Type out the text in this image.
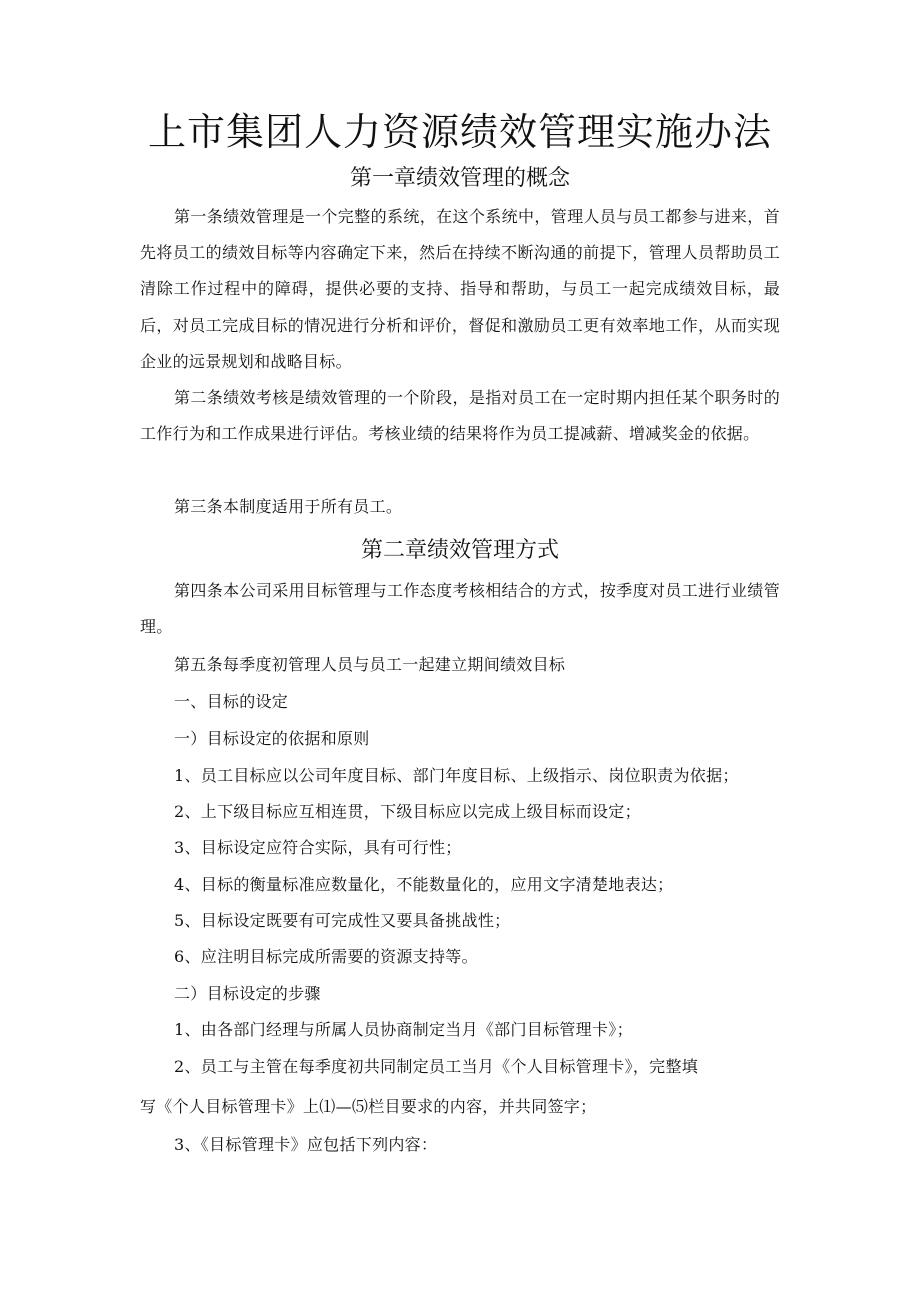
上市集团人力资源绩效管理实施办法
第一章绩效管理的概念

第一条绩效管理是一个完整的系统，在这个系统中，管理人员与员工都参与进来，首先将员工的绩效目标等内容确定下来，然后在持续不断沟通的前提下，管理人员帮助员工清除工作过程中的障碍，提供必要的支持、指导和帮助，与员工一起完成绩效目标，最后，对员工完成目标的情况进行分析和评价，督促和激励员工更有效率地工作，从而实现企业的远景规划和战略目标。

第二条绩效考核是绩效管理的一个阶段，是指对员工在一定时期内担任某个职务时的工作行为和工作成果进行评估。考核业绩的结果将作为员工提减薪、增减奖金的依据。

第三条本制度适用于所有员工。

第二章绩效管理方式

第四条本公司采用目标管理与工作态度考核相结合的方式，按季度对员工进行业绩管理。

第五条每季度初管理人员与员工一起建立期间绩效目标

一、目标的设定

一）目标设定的依据和原则

1、员工目标应以公司年度目标、部门年度目标、上级指示、岗位职责为依据；

2、上下级目标应互相连贯，下级目标应以完成上级目标而设定；

3、目标设定应符合实际，具有可行性；

4、目标的衡量标准应数量化，不能数量化的，应用文字清楚地表达；

5、目标设定既要有可完成性又要具备挑战性；

6、应注明目标完成所需要的资源支持等。

二）目标设定的步骤

1、由各部门经理与所属人员协商制定当月《部门目标管理卡》；

2、员工与主管在每季度初共同制定员工当月《个人目标管理卡》，完整填

写《个人目标管理卡》上⑴—⑸栏目要求的内容，并共同签字；

3、《目标管理卡》应包括下列内容：
